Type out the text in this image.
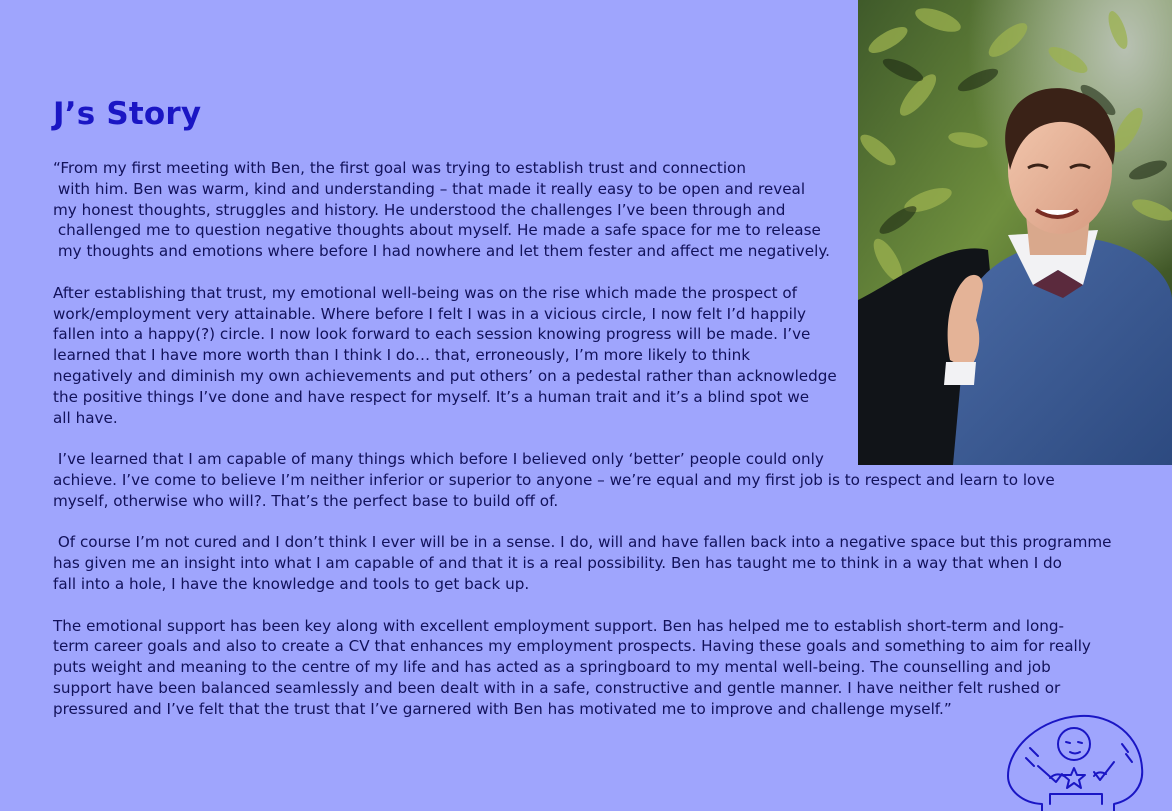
J’s Story

“From my first meeting with Ben, the first goal was trying to establish trust and connection
with him. Ben was warm, kind and understanding – that made it really easy to be open and reveal
my honest thoughts, struggles and history. He understood the challenges I’ve been through and
challenged me to question negative thoughts about myself. He made a safe space for me to release
my thoughts and emotions where before I had nowhere and let them fester and affect me negatively.

After establishing that trust, my emotional well-being was on the rise which made the prospect of
work/employment very attainable. Where before I felt I was in a vicious circle, I now felt I’d happily
fallen into a happy(?) circle. I now look forward to each session knowing progress will be made. I’ve
learned that I have more worth than I think I do… that, erroneously, I’m more likely to think
negatively and diminish my own achievements and put others’ on a pedestal rather than acknowledge
the positive things I’ve done and have respect for myself. It’s a human trait and it’s a blind spot we
all have.

I’ve learned that I am capable of many things which before I believed only ‘better’ people could only
achieve. I’ve come to believe I’m neither inferior or superior to anyone – we’re equal and my first job is to respect and learn to love
myself, otherwise who will?. That’s the perfect base to build off of.

Of course I’m not cured and I don’t think I ever will be in a sense. I do, will and have fallen back into a negative space but this programme
has given me an insight into what I am capable of and that it is a real possibility. Ben has taught me to think in a way that when I do
fall into a hole, I have the knowledge and tools to get back up.

The emotional support has been key along with excellent employment support. Ben has helped me to establish short-term and long-
term career goals and also to create a CV that enhances my employment prospects. Having these goals and something to aim for really
puts weight and meaning to the centre of my life and has acted as a springboard to my mental well-being. The counselling and job
support have been balanced seamlessly and been dealt with in a safe, constructive and gentle manner. I have neither felt rushed or
pressured and I’ve felt that the trust that I’ve garnered with Ben has motivated me to improve and challenge myself.”
